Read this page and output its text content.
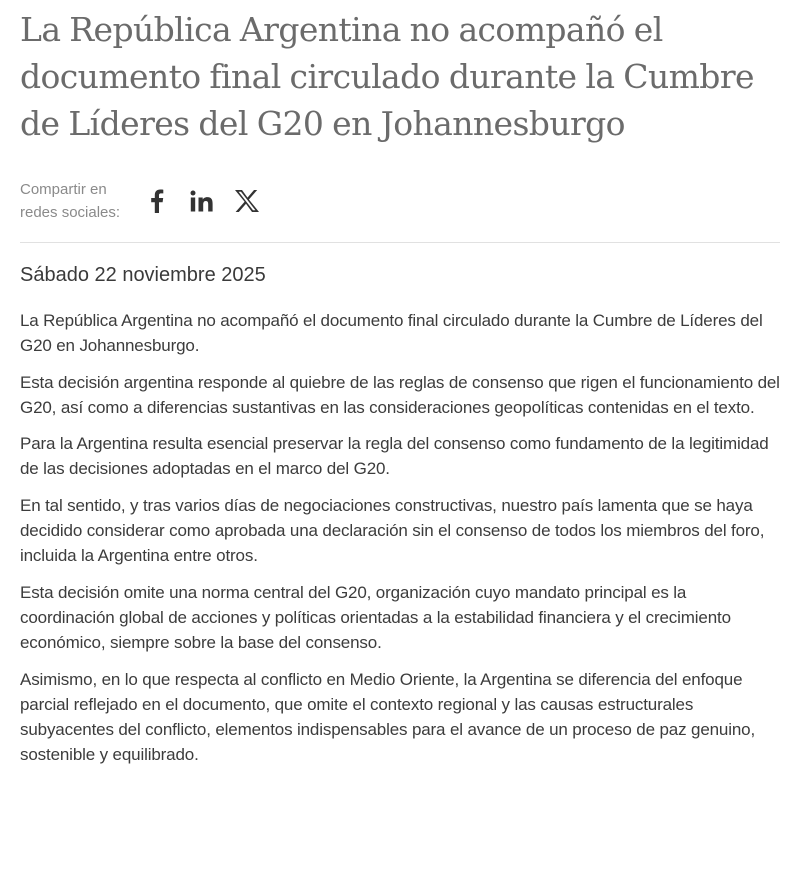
La República Argentina no acompañó el documento final circulado durante la Cumbre de Líderes del G20 en Johannesburgo
Compartir en
redes sociales:
Sábado 22 noviembre 2025

La República Argentina no acompañó el documento final circulado durante la Cumbre de Líderes del G20 en Johannesburgo.

Esta decisión argentina responde al quiebre de las reglas de consenso que rigen el funcionamiento del G20, así como a diferencias sustantivas en las consideraciones geopolíticas contenidas en el texto.

Para la Argentina resulta esencial preservar la regla del consenso como fundamento de la legitimidad de las decisiones adoptadas en el marco del G20.

En tal sentido, y tras varios días de negociaciones constructivas, nuestro país lamenta que se haya decidido considerar como aprobada una declaración sin el consenso de todos los miembros del foro, incluida la Argentina entre otros.

Esta decisión omite una norma central del G20, organización cuyo mandato principal es la coordinación global de acciones y políticas orientadas a la estabilidad financiera y el crecimiento económico, siempre sobre la base del consenso.

Asimismo, en lo que respecta al conflicto en Medio Oriente, la Argentina se diferencia del enfoque parcial reflejado en el documento, que omite el contexto regional y las causas estructurales subyacentes del conflicto, elementos indispensables para el avance de un proceso de paz genuino, sostenible y equilibrado.
